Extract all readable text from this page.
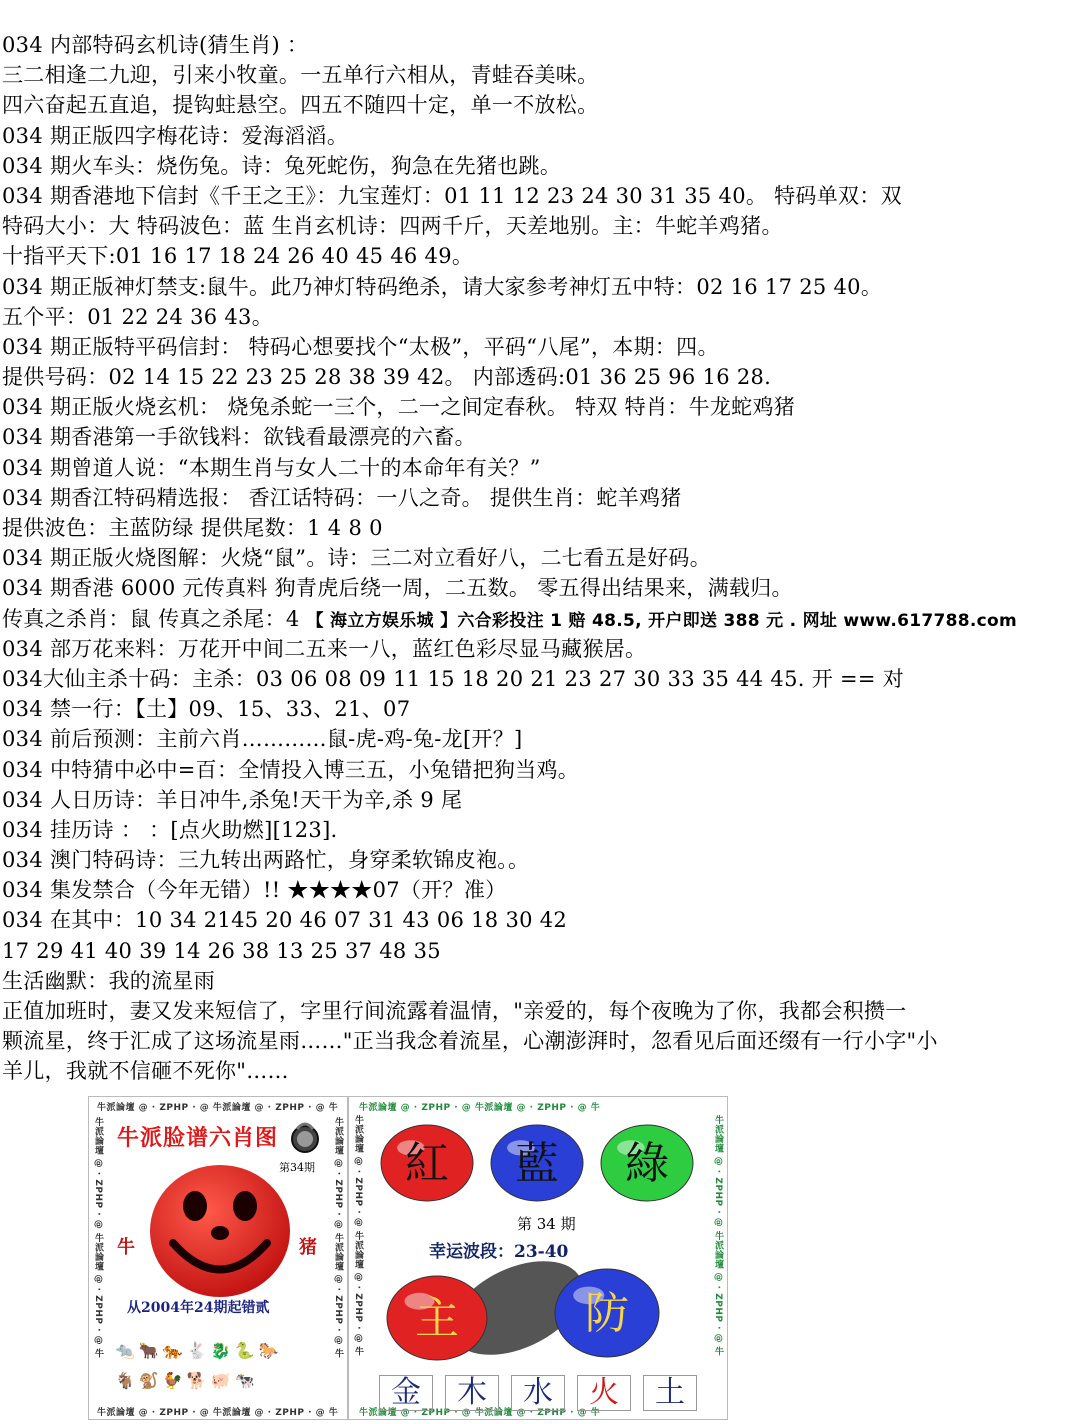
034 内部特码玄机诗(猜生肖) ：
三二相逢二九迎，引来小牧童。一五单行六相从，青蛙吞美味。
四六奋起五直追，提钩蛀悬空。四五不随四十定，单一不放松。
034 期正版四字梅花诗：爱海滔滔。
034 期火车头：烧伤兔。诗：兔死蛇伤，狗急在先猪也跳。
034 期香港地下信封《千王之王》：九宝莲灯：01 11 12 23 24 30 31 35 40。 特码单双：双
特码大小：大 特码波色：蓝 生肖玄机诗：四两千斤，天差地别。主：牛蛇羊鸡猪。
十指平天下:01 16 17 18 24 26 40 45 46 49。
034 期正版神灯禁支:鼠牛。此乃神灯特码绝杀，请大家参考神灯五中特：02 16 17 25 40。
五个平：01 22 24 36 43。
034 期正版特平码信封： 特码心想要找个“太极”，平码“八尾”，本期：四。
提供号码：02 14 15 22 23 25 28 38 39 42。 内部透码:01 36 25 96 16 28.
034 期正版火烧玄机： 烧兔杀蛇一三个，二一之间定春秋。 特双 特肖：牛龙蛇鸡猪
034 期香港第一手欲钱料：欲钱看最漂亮的六畜。
034 期曾道人说：“本期生肖与女人二十的本命年有关？”
034 期香江特码精选报： 香江话特码：一八之奇。 提供生肖：蛇羊鸡猪
提供波色：主蓝防绿 提供尾数：1 4 8 0
034 期正版火烧图解：火烧“鼠”。诗：三二对立看好八，二七看五是好码。
034 期香港 6000 元传真料 狗青虎后绕一周，二五数。 零五得出结果来，满载归。
传真之杀肖：鼠 传真之杀尾：4 【 海立方娱乐城 】六合彩投注 1 赔 48.5, 开户即送 388 元 . 网址 www.617788.com
034 部万花来料：万花开中间二五来一八，蓝红色彩尽显马藏猴居。
034大仙主杀十码：主杀：03 06 08 09 11 15 18 20 21 23 27 30 33 35 44 45. 开 == 对
034 禁一行：【土】09、15、33、21、07
034 前后预测：主前六肖…………鼠-虎-鸡-兔-龙[开？]
034 中特猜中必中=百：全情投入博三五，小兔错把狗当鸡。
034 人日历诗：羊日冲牛,杀兔!天干为辛,杀 9 尾
034 挂历诗 ： ：[点火助燃][123].
034 澳门特码诗：三九转出两路忙，身穿柔软锦皮袍。。
034 集发禁合（今年无错）!! ★★★★07（开？准）
034 在其中：10 34 2145 20 46 07 31 43 06 18 30 42
17 29 41 40 39 14 26 38 13 25 37 48 35
生活幽默：我的流星雨
正值加班时，妻又发来短信了，字里行间流露着温情，"亲爱的，每个夜晚为了你，我都会积攒一
颗流星，终于汇成了这场流星雨……"正当我念着流星，心潮澎湃时，忽看见后面还缀有一行小字"小
羊儿，我就不信砸不死你"……
牛派論壇 @ · ZPHP · @ 牛派論壇 @ · ZPHP · @ 牛
牛派論壇 @ · ZPHP · @ 牛派論壇 @ · ZPHP · @ 牛
牛派論壇 @ · ZPHP · @ 牛派論壇 @ · ZPHP · @ 牛	牛派論壇 @ · ZPHP · @ 牛派論壇 @ · ZPHP · @ 牛
牛派脸谱六肖图
第34期
牛	猪
从2004年24期起错贰
🐀🐂🐅🐇🐉🐍🐎
🐐🐒🐓🐕🐖🐄
牛派論壇 @ · ZPHP · @ 牛派論壇 @ · ZPHP · @ 牛
牛派論壇 @ · ZPHP · @ 牛派論壇 @ · ZPHP · @ 牛
牛派論壇 @ · ZPHP · @ 牛派論壇 @ · ZPHP · @ 牛	牛派論壇 @ · ZPHP · @ 牛派論壇 @ · ZPHP · @ 牛
紅 藍 綠
第 34 期
幸运波段：23-40
主	防
金	木	水	火	土
